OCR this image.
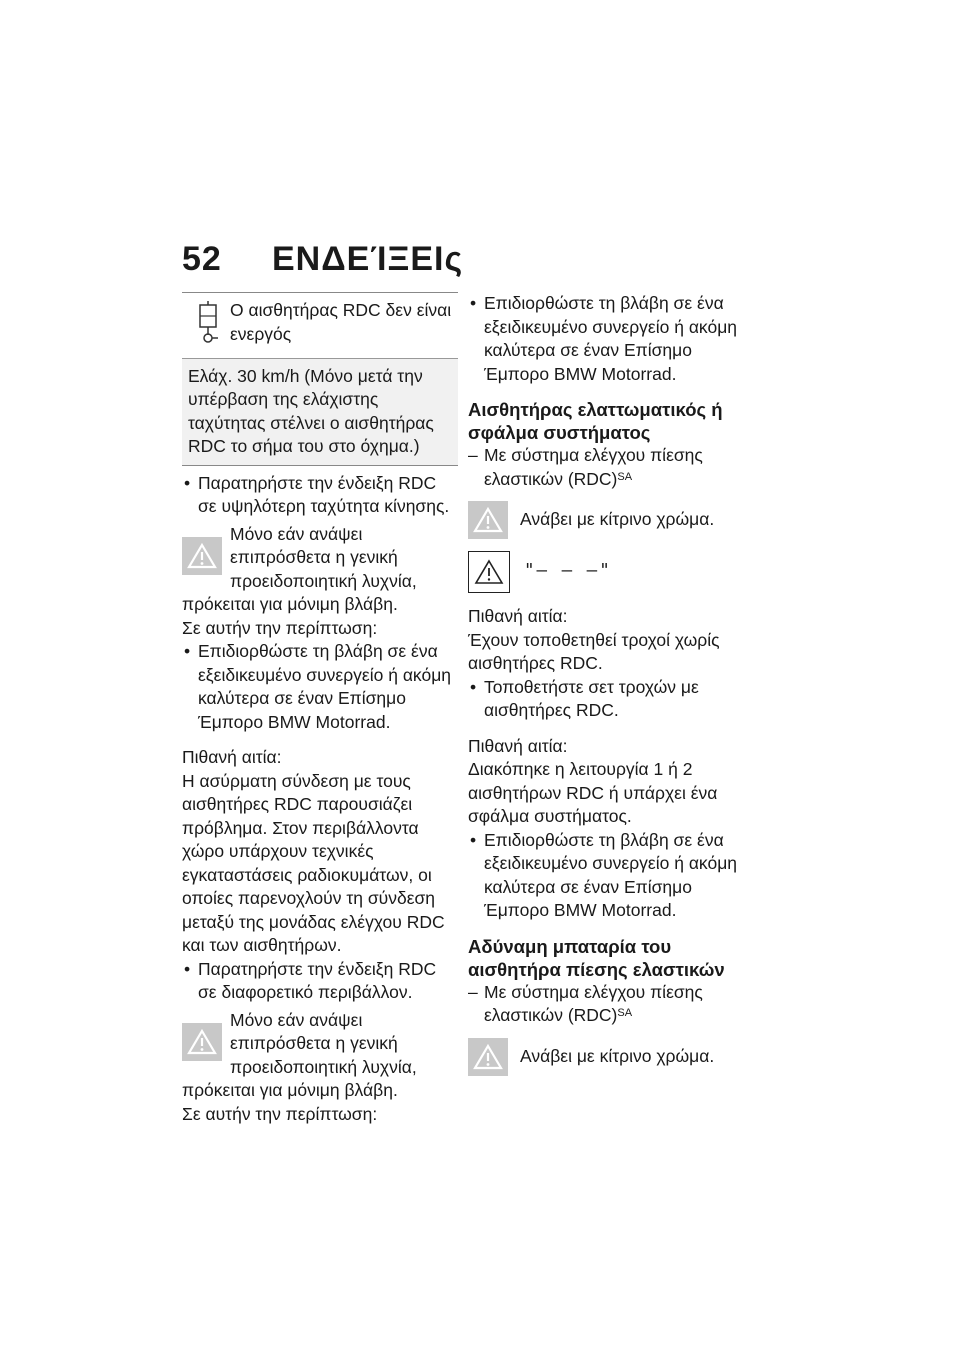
52 ΕΝΔΕΊΞΕΙς
Ο αισθητήρας RDC δεν είναι ενεργός
Ελάχ. 30 km/h (Μόνο μετά την υπέρβαση της ελάχιστης ταχύτητας στέλνει ο αισθητήρας RDC το σήμα του στο όχημα.)

• Παρατηρήστε την ένδειξη RDC σε υψηλότερη ταχύτητα κίνησης.

Μόνο εάν ανάψει επιπρόσθετα η γενική προειδοποιητική λυχνία, πρόκειται για μόνιμη βλάβη.

Σε αυτήν την περίπτωση:

• Επιδιορθώστε τη βλάβη σε ένα εξειδικευμένο συνεργείο ή ακόμη καλύτερα σε έναν Επίσημο Έμπορο BMW Motorrad.

Πιθανή αιτία:

Η ασύρματη σύνδεση με τους αισθητήρες RDC παρουσιάζει πρόβλημα. Στον περιβάλλοντα χώρο υπάρχουν τεχνικές εγκαταστάσεις ραδιοκυμάτων, οι οποίες παρενοχλούν τη σύνδεση μεταξύ της μονάδας ελέγχου RDC και των αισθητήρων.

• Παρατηρήστε την ένδειξη RDC σε διαφορετικό περιβάλλον.

Μόνο εάν ανάψει επιπρόσθετα η γενική προειδοποιητική λυχνία, πρόκειται για μόνιμη βλάβη.

Σε αυτήν την περίπτωση:

• Επιδιορθώστε τη βλάβη σε ένα εξειδικευμένο συνεργείο ή ακόμη καλύτερα σε έναν Επίσημο Έμπορο BMW Motorrad.

Αισθητήρας ελαττωματικός ή σφάλμα συστήματος

– Με σύστημα ελέγχου πίεσης ελαστικών (RDC)$^{SA}$

Ανάβει με κίτρινο χρώμα.
"– – –"

Πιθανή αιτία:

Έχουν τοποθετηθεί τροχοί χωρίς αισθητήρες RDC.

• Τοποθετήστε σετ τροχών με αισθητήρες RDC.

Πιθανή αιτία:

Διακόπηκε η λειτουργία 1 ή 2 αισθητήρων RDC ή υπάρχει ένα σφάλμα συστήματος.

• Επιδιορθώστε τη βλάβη σε ένα εξειδικευμένο συνεργείο ή ακόμη καλύτερα σε έναν Επίσημο Έμπορο BMW Motorrad.

Αδύναμη μπαταρία του αισθητήρα πίεσης ελαστικών

– Με σύστημα ελέγχου πίεσης ελαστικών (RDC)$^{SA}$

Ανάβει με κίτρινο χρώμα.
